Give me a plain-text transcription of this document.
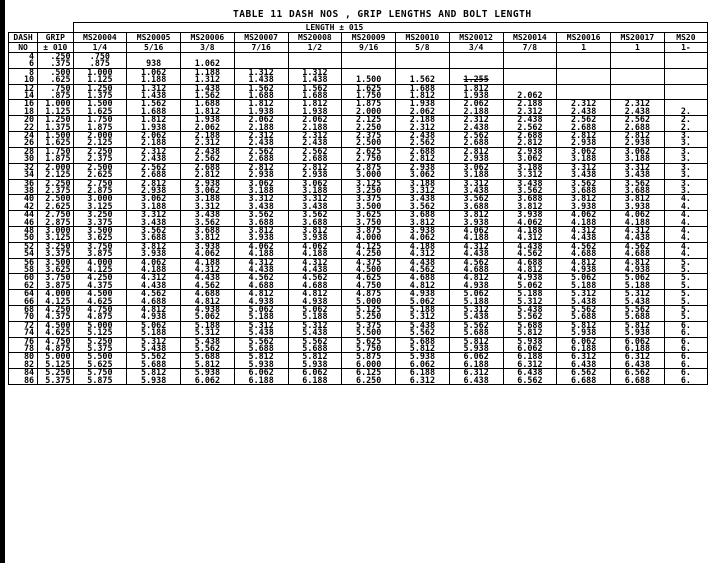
TABLE 11 DASH NOS , GRIP LENGTHS AND BOLT LENGTH
		LENGTH ± 015											
DASH	GRIP	MS20004	MS20005	MS20006	MS20007	MS20008	MS20009	MS20010	MS20012	MS20014	MS20016	MS20017	MS20
NO	± 010	1/4	5/16	3/8	7/16	1/2	9/16	5/8	3/4	7/8	1	1	1-
4	.250	.750											
6	.375	.875	938	1.062									
8	.500	1.000	1.062	1.188	1.312	1.312							
10	.625	1.125	1.188	1.312	1.438	1.438	1.500	1.562	1.255				
12	.750	1.250	1.312	1.438	1.562	1.562	1.625	1.688	1.812				
14	.875	1.375	1.438	1.562	1.688	1.688	1.750	1.812	1.938	2.062			
16	1.000	1.500	1.562	1.688	1.812	1.812	1.875	1.938	2.062	2.188	2.312	2.312	
18	1.125	1.625	1.688	1.812	1.938	1.938	2.000	2.062	2.188	2.312	2.438	2.438	2.
20	1.250	1.750	1.812	1.938	2.062	2.062	2.125	2.188	2.312	2.438	2.562	2.562	2.
22	1.375	1.875	1.938	2.062	2.188	2.188	2.250	2.312	2.438	2.562	2.688	2.688	2.
24	1.500	2.000	2.062	2.188	2.312	2.312	2.375	2.438	2.562	2.688	2.812	2.812	3.
26	1.625	2.125	2.188	2.312	2.438	2.438	2.500	2.562	2.688	2.812	2.938	2.938	3.
28	1.750	2.250	2.312	2.438	2.562	2.562	2.625	2.688	2.812	2.938	3.062	3.062	3.
30	1.875	2.375	2.438	2.562	2.688	2.688	2.750	2.812	2.938	3.062	3.188	3.188	3.
32	2.000	2.500	2.562	2.688	2.812	2.812	2.875	2.938	3.062	3.188	3.312	3.312	3.
34	2.125	2.625	2.688	2.812	2.938	2.938	3.000	3.062	3.188	3.312	3.438	3.438	3.
36	2.250	2.750	2.812	2.938	3.062	3.062	3.125	3.188	3.312	3.438	3.562	3.562	3.
38	2.375	2.875	2.938	3.062	3.188	3.188	3.250	3.312	3.438	3.562	3.688	3.688	3.
40	2.500	3.000	3.062	3.188	3.312	3.312	3.375	3.438	3.562	3.688	3.812	3.812	4.
42	2.625	3.125	3.188	3.312	3.438	3.438	3.500	3.562	3.688	3.812	3.938	3.938	4.
44	2.750	3.250	3.312	3.438	3.562	3.562	3.625	3.688	3.812	3.938	4.062	4.062	4.
46	2.875	3.375	3.438	3.562	3.688	3.688	3.750	3.812	3.938	4.062	4.188	4.188	4.
48	3.000	3.500	3.562	3.688	3.812	3.812	3.875	3.938	4.062	4.188	4.312	4.312	4.
50	3.125	3.625	3.688	3.812	3.938	3.938	4.000	4.062	4.188	4.312	4.438	4.438	4.
52	3.250	3.750	3.812	3.938	4.062	4.062	4.125	4.188	4.312	4.438	4.562	4.562	4.
54	3.375	3.875	3.938	4.062	4.188	4.188	4.250	4.312	4.438	4.562	4.688	4.688	4.
56	3.500	4.000	4.062	4.188	4.312	4.312	4.375	4.438	4.562	4.688	4.812	4.812	5.
58	3.625	4.125	4.188	4.312	4.438	4.438	4.500	4.562	4.688	4.812	4.938	4.938	5.
60	3.750	4.250	4.312	4.438	4.562	4.562	4.625	4.688	4.812	4.938	5.062	5.062	5.
62	3.875	4.375	4.438	4.562	4.688	4.688	4.750	4.812	4.938	5.062	5.188	5.188	5.
64	4.000	4.500	4.562	4.688	4.812	4.812	4.875	4.938	5.062	5.188	5.312	5.312	5.
66	4.125	4.625	4.688	4.812	4.938	4.938	5.000	5.062	5.188	5.312	5.438	5.438	5.
68	4.250	4.750	4.812	4.938	5.062	5.062	5.125	5.188	5.312	5.438	5.562	5.562	5.
70	4.375	4.875	4.938	5.062	5.188	5.188	5.250	5.312	5.438	5.562	5.688	5.688	5.
72	4.500	5.000	5.062	5.188	5.312	5.312	5.375	5.438	5.562	5.688	5.812	5.812	6.
74	4.625	5.125	5.188	5.312	5.438	5.438	5.500	5.562	5.688	5.812	5.938	5.938	6.
76	4.750	5.250	5.312	5.438	5.562	5.562	5.625	5.688	5.812	5.938	6.062	6.062	6.
78	4.875	5.375	5.438	5.562	5.688	5.688	5.750	5.812	5.938	6.062	6.188	6.188	6.
80	5.000	5.500	5.562	5.688	5.812	5.812	5.875	5.938	6.062	6.188	6.312	6.312	6.
82	5.125	5.625	5.688	5.812	5.938	5.938	6.000	6.062	6.188	6.312	6.438	6.438	6.
84	5.250	5.750	5.812	5.938	6.062	6.062	6.125	6.188	6.312	6.438	6.562	6.562	6.
86	5.375	5.875	5.938	6.062	6.188	6.188	6.250	6.312	6.438	6.562	6.688	6.688	6.
